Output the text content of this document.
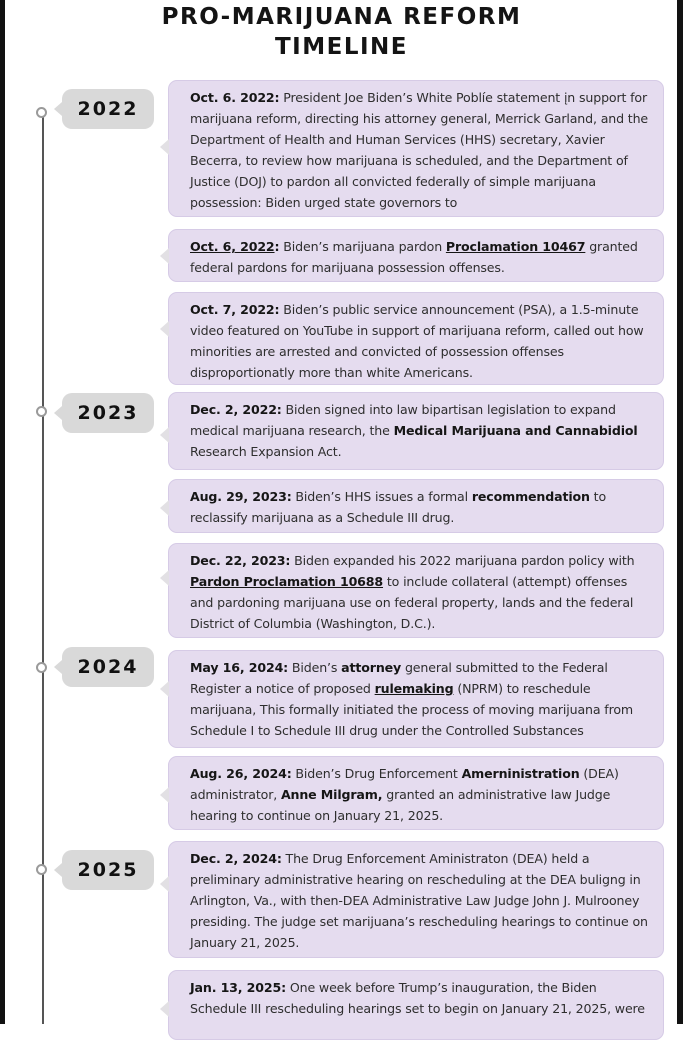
PRO-MARIJUANA REFORM
TIMELINE
2022
2023
2024
2025
Oct. 6. 2022: President Joe Biden’s White Poblíe statement įn support for marijuana reform, directing his attorney general, Merrick Garland, and the Department of Health and Human Services (HHS) secretary, Xavier Becerra, to review how marijuana is scheduled, and the Department of Justice (DOJ) to pardon all convicted federally of simple marijuana possession: Biden urged state governors to
Oct. 6, 2022: Biden’s marijuana pardon Proclamation 10467 granted federal pardons for marijuana possession offenses.
Oct. 7, 2022: Biden’s public service announcement (PSA), a 1.5-minute video featured on YouTube in support of marijuana reform, called out how minorities are arrested and convicted of possession offenses disproportionatly more than white Americans.
Dec. 2, 2022: Biden signed into law bipartisan legislation to expand medical marijuana research, the Medical Marijuana and Cannabidiol Research Expansion Act.
Aug. 29, 2023: Biden’s HHS issues a formal recommendation to reclassify marijuana as a Schedule III drug.
Dec. 22, 2023: Biden expanded his 2022 marijuana pardon policy with Pardon Proclamation 10688 to include collateral (attempt) offenses and pardoning marijuana use on federal property, lands and the federal District of Columbia (Washington, D.C.).
May 16, 2024: Biden’s attorney general submitted to the Federal Register a notice of proposed rulemaking (NPRM) to reschedule marijuana, This formally initiated the process of moving marijuana from Schedule I to Schedule III drug under the Controlled Substances
Aug. 26, 2024: Biden’s Drug Enforcement Amerninistration (DEA) administrator, Anne Milgram, granted an administrative law Judge hearing to continue on January 21, 2025.
Dec. 2, 2024: The Drug Enforcement Aministraton (DEA) held a preliminary administrative hearing on rescheduling at the DEA buligng in Arlington, Va., with then-DEA Administrative Law Judge John J. Mulrooney presiding. The judge set marijuana’s rescheduling hearings to continue on January 21, 2025.
Jan. 13, 2025: One week before Trump’s inauguration, the Biden Schedule III rescheduling hearings set to begin on January 21, 2025, were
